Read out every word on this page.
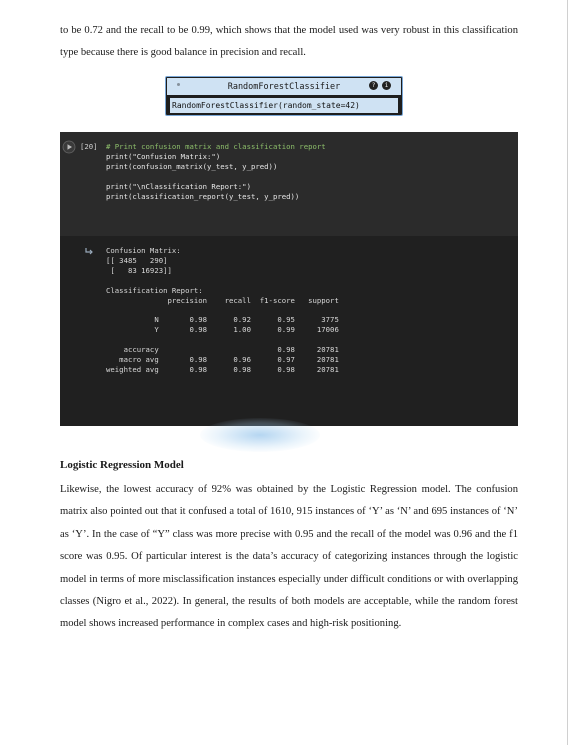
to be 0.72 and the recall to be 0.99, which shows that the model used was very robust in this classification type because there is good balance in precision and recall.

RandomForestClassifier	?	i
RandomForestClassifier(random_state=42)
[20] # Print confusion matrix and classification report
print("Confusion Matrix:")
print(confusion_matrix(y_test, y_pred))

print("\nClassification Report:")
print(classification_report(y_test, y_pred))
Confusion Matrix:
[[ 3485   290]
[   83 16923]]

Classification Report:
precision    recall  f1-score   support

N       0.98      0.92      0.95      3775
Y       0.98      1.00      0.99     17006

accuracy                           0.98     20781
macro avg       0.98      0.96      0.97     20781
weighted avg       0.98      0.98      0.98     20781

Logistic Regression Model

Likewise, the lowest accuracy of 92% was obtained by the Logistic Regression model. The confusion matrix also pointed out that it confused a total of 1610, 915 instances of ‘Y’ as ‘N’ and 695 instances of ‘N’ as ‘Y’. In the case of “Y” class was more precise with 0.95 and the recall of the model was 0.96 and the f1 score was 0.95. Of particular interest is the data’s accuracy of categorizing instances through the logistic model in terms of more misclassification instances especially under difficult conditions or with overlapping classes (Nigro et al., 2022). In general, the results of both models are acceptable, while the random forest model shows increased performance in complex cases and high-risk positioning.
